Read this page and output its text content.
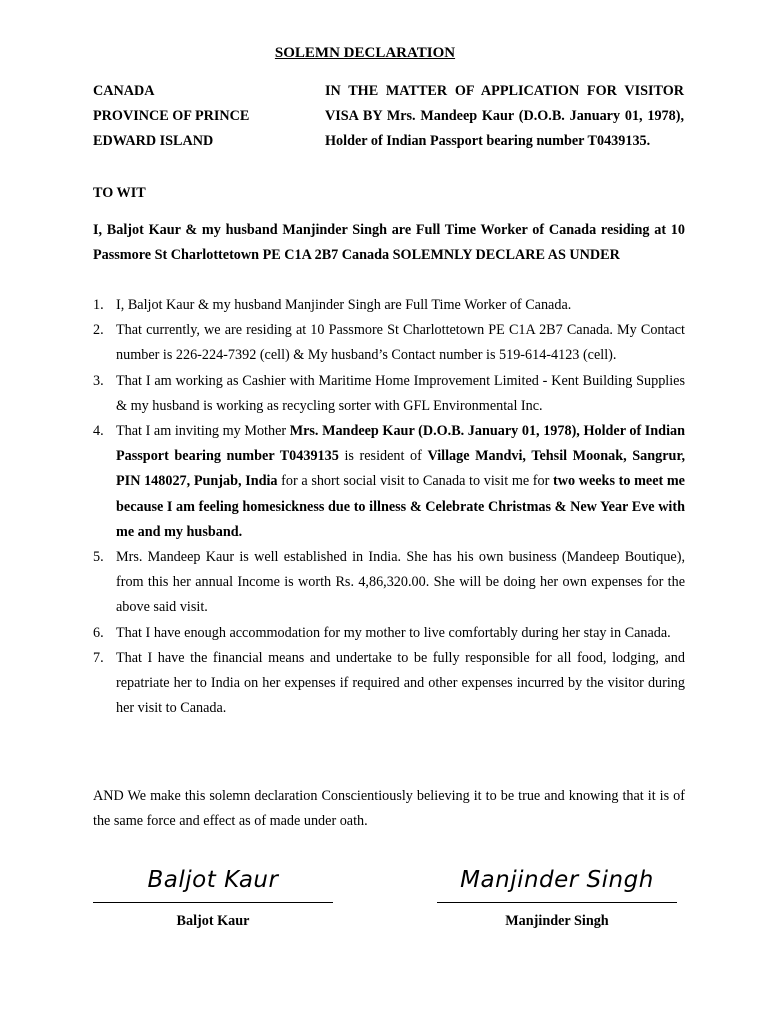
SOLEMN DECLARATION
CANADA
PROVINCE OF PRINCE
EDWARD ISLAND
IN THE MATTER OF APPLICATION FOR VISITOR VISA BY Mrs. Mandeep Kaur (D.O.B. January 01, 1978), Holder of Indian Passport bearing number T0439135.
TO WIT
I, Baljot Kaur & my husband Manjinder Singh are Full Time Worker of Canada residing at 10 Passmore St Charlottetown PE C1A 2B7 Canada SOLEMNLY DECLARE AS UNDER
1. I, Baljot Kaur & my husband Manjinder Singh are Full Time Worker of Canada.
2. That currently, we are residing at 10 Passmore St Charlottetown PE C1A 2B7 Canada. My Contact number is 226-224-7392 (cell) & My husband’s Contact number is 519-614-4123 (cell).
3. That I am working as Cashier with Maritime Home Improvement Limited - Kent Building Supplies & my husband is working as recycling sorter with GFL Environmental Inc.
4. That I am inviting my Mother Mrs. Mandeep Kaur (D.O.B. January 01, 1978), Holder of Indian Passport bearing number T0439135 is resident of Village Mandvi, Tehsil Moonak, Sangrur, PIN 148027, Punjab, India for a short social visit to Canada to visit me for two weeks to meet me because I am feeling homesickness due to illness & Celebrate Christmas & New Year Eve with me and my husband.
5. Mrs. Mandeep Kaur is well established in India. She has his own business (Mandeep Boutique), from this her annual Income is worth Rs. 4,86,320.00. She will be doing her own expenses for the above said visit.
6. That I have enough accommodation for my mother to live comfortably during her stay in Canada.
7. That I have the financial means and undertake to be fully responsible for all food, lodging, and repatriate her to India on her expenses if required and other expenses incurred by the visitor during her visit to Canada.
AND We make this solemn declaration Conscientiously believing it to be true and knowing that it is of the same force and effect as of made under oath.
Baljot Kaur
Baljot Kaur
Manjinder Singh
Manjinder Singh
